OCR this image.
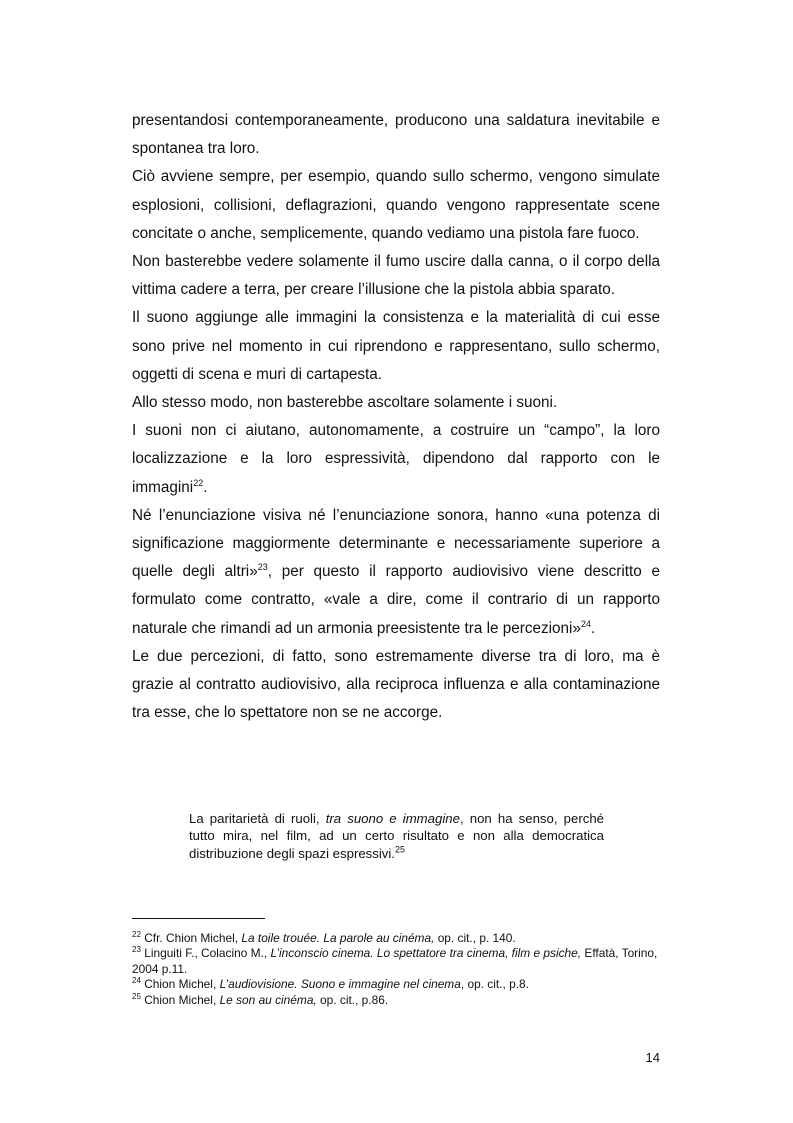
presentandosi contemporaneamente, producono una saldatura inevitabile e spontanea tra loro.

Ciò avviene sempre, per esempio, quando sullo schermo, vengono simulate esplosioni, collisioni, deflagrazioni, quando vengono rappresentate scene concitate o anche, semplicemente, quando vediamo una pistola fare fuoco.

Non basterebbe vedere solamente il fumo uscire dalla canna, o il corpo della vittima cadere a terra, per creare l’illusione che la pistola abbia sparato.

Il suono aggiunge alle immagini la consistenza e la materialità di cui esse sono prive nel momento in cui riprendono e rappresentano, sullo schermo, oggetti di scena e muri di cartapesta.

Allo stesso modo, non basterebbe ascoltare solamente i suoni.

I suoni non ci aiutano, autonomamente, a costruire un “campo”, la loro localizzazione e la loro espressività, dipendono dal rapporto con le immagini$^{22}$.

Né l’enunciazione visiva né l’enunciazione sonora, hanno «una potenza di significazione maggiormente determinante e necessariamente superiore a quelle degli altri»$^{23}$, per questo il rapporto audiovisivo viene descritto e formulato come contratto, «vale a dire, come il contrario di un rapporto naturale che rimandi ad un armonia preesistente tra le percezioni»$^{24}$.

Le due percezioni, di fatto, sono estremamente diverse tra di loro, ma è grazie al contratto audiovisivo, alla reciproca influenza e alla contaminazione tra esse, che lo spettatore non se ne accorge.

La paritarietà di ruoli, tra suono e immagine, non ha senso, perché tutto mira, nel film, ad un certo risultato e non alla democratica distribuzione degli spazi espressivi.$^{25}$

$^{22}$ Cfr. Chion Michel, La toile trouée. La parole au cinéma, op. cit., p. 140.

$^{23}$ Linguiti F., Colacino M., L’inconscio cinema. Lo spettatore tra cinema, film e psiche, Effatà, Torino, 2004 p.11.

$^{24}$ Chion Michel, L’audiovisione. Suono e immagine nel cinema, op. cit., p.8.

$^{25}$ Chion Michel, Le son au cinéma, op. cit., p.86.

14
